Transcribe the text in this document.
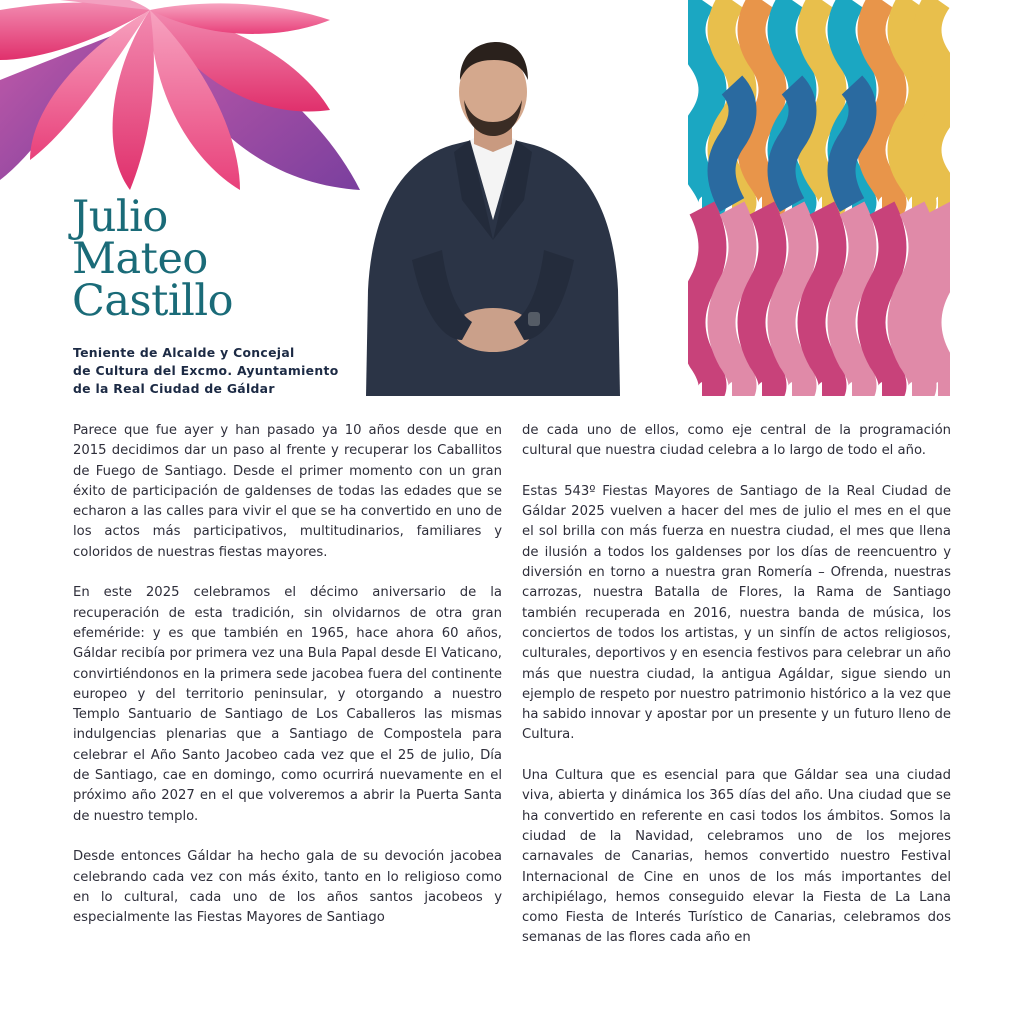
Julio
Mateo
Castillo

Teniente de Alcalde y Concejal
de Cultura del Excmo. Ayuntamiento
de la Real Ciudad de Gáldar

Parece que fue ayer y han pasado ya 10 años desde que en 2015 decidimos dar un paso al frente y recuperar los Caballitos de Fuego de Santiago. Desde el primer momento con un gran éxito de participación de galdenses de todas las edades que se echaron a las calles para vivir el que se ha convertido en uno de los actos más participativos, multitudinarios, familiares y coloridos de nuestras fiestas mayores.

En este 2025 celebramos el décimo aniversario de la recuperación de esta tradición, sin olvidarnos de otra gran efeméride: y es que también en 1965, hace ahora 60 años, Gáldar recibía por primera vez una Bula Papal desde El Vaticano, convirtiéndonos en la primera sede jacobea fuera del continente europeo y del territorio peninsular, y otorgando a nuestro Templo Santuario de Santiago de Los Caballeros las mismas indulgencias plenarias que a Santiago de Compostela para celebrar el Año Santo Jacobeo cada vez que el 25 de julio, Día de Santiago, cae en domingo, como ocurrirá nuevamente en el próximo año 2027 en el que volveremos a abrir la Puerta Santa de nuestro templo.

Desde entonces Gáldar ha hecho gala de su devoción jacobea celebrando cada vez con más éxito, tanto en lo religioso como en lo cultural, cada uno de los años santos jacobeos y especialmente las Fiestas Mayores de Santiago

de cada uno de ellos, como eje central de la programación cultural que nuestra ciudad celebra a lo largo de todo el año.

Estas 543º Fiestas Mayores de Santiago de la Real Ciudad de Gáldar 2025 vuelven a hacer del mes de julio el mes en el que el sol brilla con más fuerza en nuestra ciudad, el mes que llena de ilusión a todos los galdenses por los días de reencuentro y diversión en torno a nuestra gran Romería – Ofrenda, nuestras carrozas, nuestra Batalla de Flores, la Rama de Santiago también recuperada en 2016, nuestra banda de música, los conciertos de todos los artistas, y un sinfín de actos religiosos, culturales, deportivos y en esencia festivos para celebrar un año más que nuestra ciudad, la antigua Agáldar, sigue siendo un ejemplo de respeto por nuestro patrimonio histórico a la vez que ha sabido innovar y apostar por un presente y un futuro lleno de Cultura.

Una Cultura que es esencial para que Gáldar sea una ciudad viva, abierta y dinámica los 365 días del año. Una ciudad que se ha convertido en referente en casi todos los ámbitos. Somos la ciudad de la Navidad, celebramos uno de los mejores carnavales de Canarias, hemos convertido nuestro Festival Internacional de Cine en unos de los más importantes del archipiélago, hemos conseguido elevar la Fiesta de La Lana como Fiesta de Interés Turístico de Canarias, celebramos dos semanas de las flores cada año en
